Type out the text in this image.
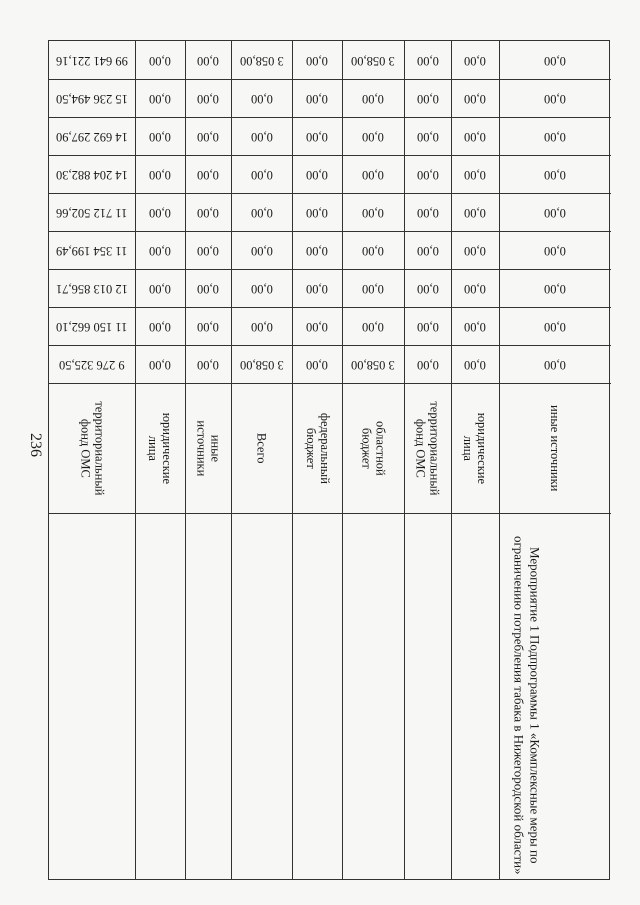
236
99 641 221,16
15 236 494,50
14 692 297,90
14 204 882,30
11 712 502,66
11 354 199,49
12 013 856,71
11 150 662,10
9 276 325,50
территориальный фонд ОМС
0,00
0,00
0,00
0,00
0,00
0,00
0,00
0,00
0,00
юридические лица
0,00
0,00
0,00
0,00
0,00
0,00
0,00
0,00
0,00
иные источники
3 058,00
0,00
0,00
0,00
0,00
0,00
0,00
0,00
3 058,00
Всего
0,00
0,00
0,00
0,00
0,00
0,00
0,00
0,00
0,00
федеральный бюджет
3 058,00
0,00
0,00
0,00
0,00
0,00
0,00
0,00
3 058,00
областной бюджет
0,00
0,00
0,00
0,00
0,00
0,00
0,00
0,00
0,00
территориальный фонд ОМС
0,00
0,00
0,00
0,00
0,00
0,00
0,00
0,00
0,00
юридические лица
0,00
0,00
0,00
0,00
0,00
0,00
0,00
0,00
0,00
иные источники
Мероприятие 1 Подпрограммы 1 «Комплексные меры по ограничению потребления табака в Нижегородской области»
